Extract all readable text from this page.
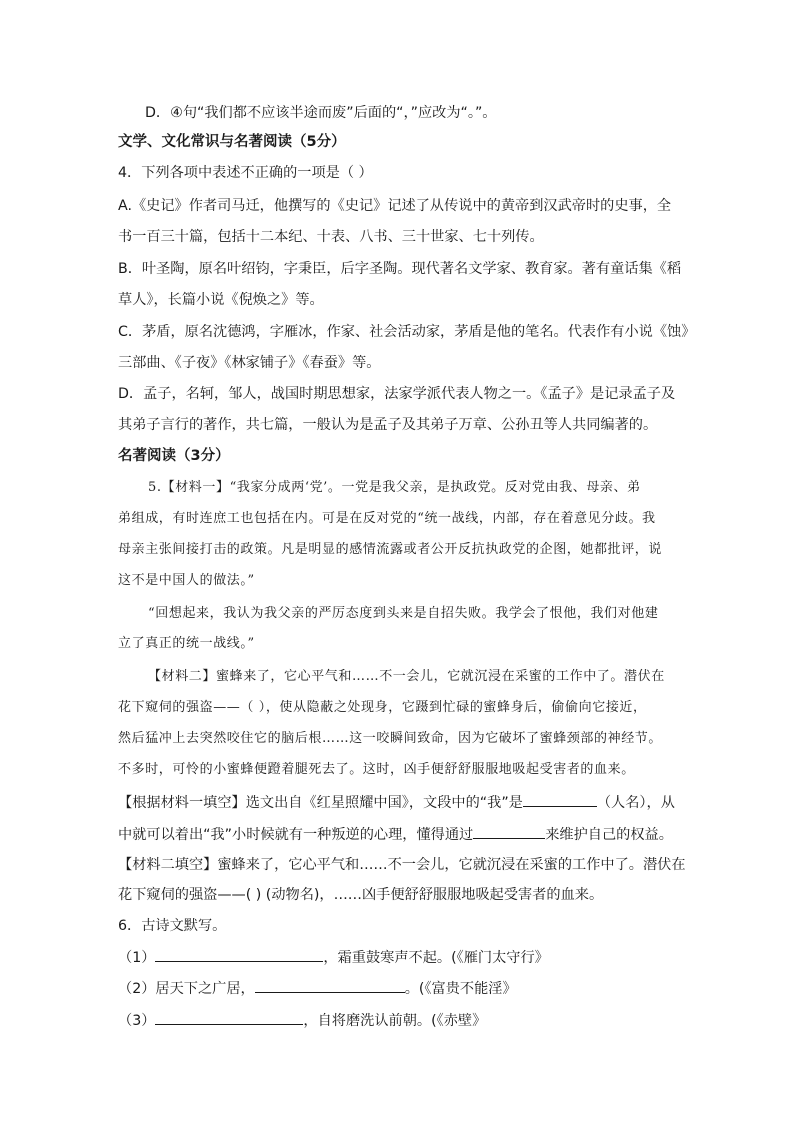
D．④句“我们都不应该半途而废”后面的“，”应改为“。”。
文学、文化常识与名著阅读（5分）
4．下列各项中表述不正确的一项是（ ）
A.《史记》作者司马迁，他撰写的《史记》记述了从传说中的黄帝到汉武帝时的史事，全
书一百三十篇，包括十二本纪、十表、八书、三十世家、七十列传。
B．叶圣陶，原名叶绍钧，字秉臣，后字圣陶。现代著名文学家、教育家。著有童话集《稻
草人》，长篇小说《倪焕之》等。
C．茅盾，原名沈德鸿，字雁冰，作家、社会活动家，茅盾是他的笔名。代表作有小说《蚀》
三部曲、《子夜》《林家铺子》《春蚕》等。
D．孟子，名轲，邹人，战国时期思想家，法家学派代表人物之一。《孟子》是记录孟子及
其弟子言行的著作，共七篇，一般认为是孟子及其弟子万章、公孙丑等人共同编著的。
名著阅读（3分）
5.【材料一】“我家分成两‘党’。一党是我父亲，是执政党。反对党由我、母亲、弟
弟组成，有时连庶工也包括在内。可是在反对党的“统一战线，内部，存在着意见分歧。我
母亲主张间接打击的政策。凡是明显的感情流露或者公开反抗执政党的企图，她都批评，说
这不是中国人的做法。”
“回想起来，我认为我父亲的严厉态度到头来是自招失败。我学会了恨他，我们对他建
立了真正的统一战线。”
【材料二】蜜蜂来了，它心平气和……不一会儿，它就沉浸在采蜜的工作中了。潜伏在
花下窥伺的强盗——（ ），使从隐蔽之处现身，它蹑到忙碌的蜜蜂身后，偷偷向它接近，
然后猛冲上去突然咬住它的脑后根……这一咬瞬间致命，因为它破坏了蜜蜂颈部的神经节。
不多时，可怜的小蜜蜂便蹬着腿死去了。这时，凶手便舒舒服服地吸起受害者的血来。
【根据材料一填空】选文出自《红星照耀中国》，文段中的“我”是	（人名），从
中就可以着出“我”小时候就有一种叛逆的心理，懂得通过	来维护自己的权益。
【材料二填空】蜜蜂来了，它心平气和……不一会儿，它就沉浸在采蜜的工作中了。潜伏在
花下窥伺的强盗——( ) (动物名)，……凶手便舒舒服服地吸起受害者的血来。
6．古诗文默写。
（1）	，霜重鼓寒声不起。(《雁门太守行》
（2）居天下之广居，	。(《富贵不能淫》
（3）	，自将磨洗认前朝。(《赤壁》
